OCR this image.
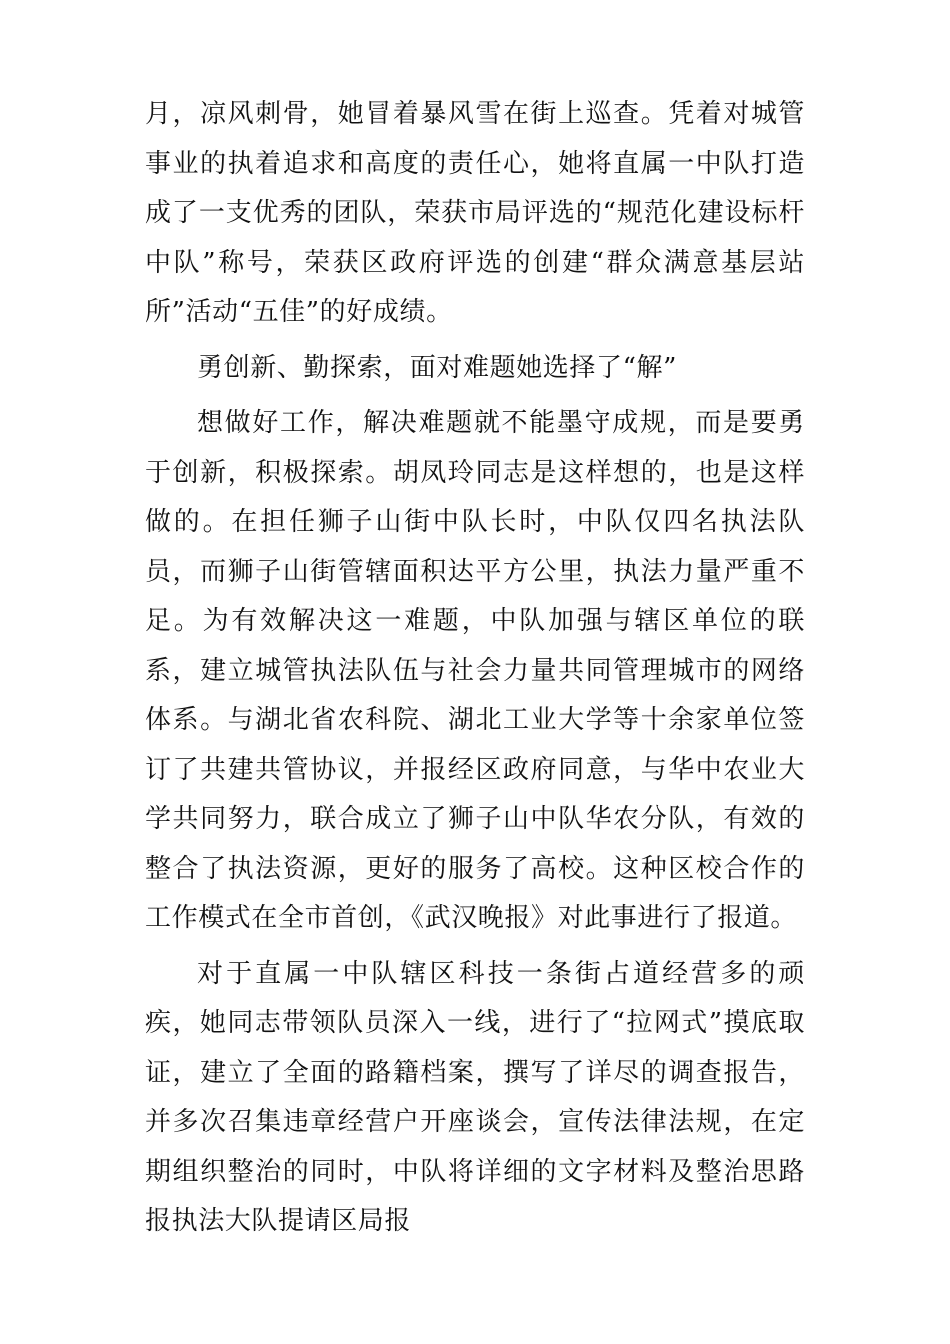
月，凉风刺骨，她冒着暴风雪在街上巡查。凭着对城管事业的执着追求和高度的责任心，她将直属一中队打造成了一支优秀的团队，荣获市局评选的“规范化建设标杆中队”称号，荣获区政府评选的创建“群众满意基层站所”活动“五佳”的好成绩。

勇创新、勤探索，面对难题她选择了“解”

想做好工作，解决难题就不能墨守成规，而是要勇于创新，积极探索。胡凤玲同志是这样想的，也是这样做的。在担任狮子山街中队长时，中队仅四名执法队员，而狮子山街管辖面积达平方公里，执法力量严重不足。为有效解决这一难题，中队加强与辖区单位的联系，建立城管执法队伍与社会力量共同管理城市的网络体系。与湖北省农科院、湖北工业大学等十余家单位签订了共建共管协议，并报经区政府同意，与华中农业大学共同努力，联合成立了狮子山中队华农分队，有效的整合了执法资源，更好的服务了高校。这种区校合作的工作模式在全市首创，《武汉晚报》对此事进行了报道。

对于直属一中队辖区科技一条街占道经营多的顽疾，她同志带领队员深入一线，进行了“拉网式”摸底取证，建立了全面的路籍档案，撰写了详尽的调查报告，并多次召集违章经营户开座谈会，宣传法律法规，在定期组织整治的同时，中队将详细的文字材料及整治思路报执法大队提请区局报
